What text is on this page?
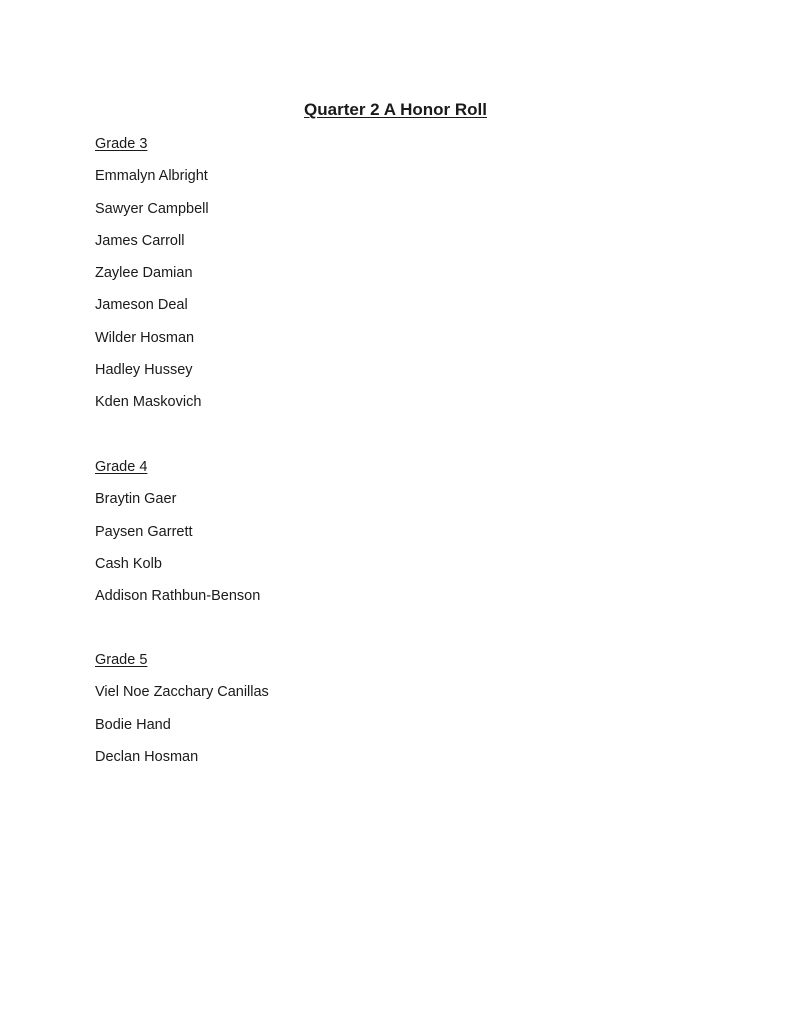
Quarter 2 A Honor Roll
Grade 3
Emmalyn Albright
Sawyer Campbell
James Carroll
Zaylee Damian
Jameson Deal
Wilder Hosman
Hadley Hussey
Kden Maskovich
Grade 4
Braytin Gaer
Paysen Garrett
Cash Kolb
Addison Rathbun-Benson
Grade 5
Viel Noe Zacchary Canillas
Bodie Hand
Declan Hosman
